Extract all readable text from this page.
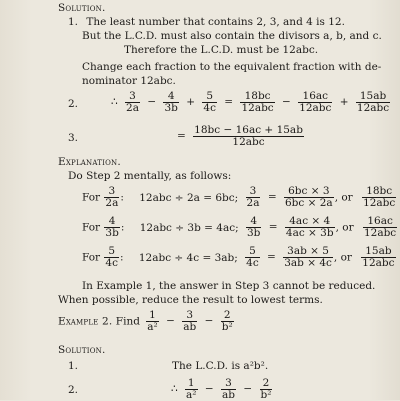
Solution.
1. The least number that contains 2, 3, and 4 is 12.
But the L.C.D. must also contain the divisors a, b, and c.
Therefore the L.C.D. must be 12abc.
Change each fraction to the equivalent fraction with de-
nominator 12abc.
2.	∴ $\frac{3}{2a} - \frac{4}{3b} + \frac{5}{4c} = \frac{18bc}{\text{12abc}} - \frac{16ac}{\text{12abc}} + \frac{15ab}{\text{12abc}}$
3.	= $\frac{18bc - 16ac + 15ab}{\text{12abc}}$
Explanation.
Do Step 2 mentally, as follows:
For $\frac{3}{2a}$ : 12abc ÷ 2a = 6bc; $\frac{3}{2a} = \frac{6bc \times 3}{6bc \times 2a}$ , or $\frac{18bc}{\text{12abc}}$
For $\frac{4}{3b}$ : 12abc ÷ 3b = 4ac; $\frac{4}{3b} = \frac{4ac \times 4}{4ac \times 3b}$ , or $\frac{16ac}{\text{12abc}}$
For $\frac{5}{4c}$ : 12abc ÷ 4c = 3ab; $\frac{5}{4c} = \frac{3ab \times 5}{3ab \times 4c}$ , or $\frac{15ab}{\text{12abc}}$
In Example 1, the answer in Step 3 cannot be reduced.
When possible, reduce the result to lowest terms.
Example 2. Find $\frac{1}{\text{a²}} - \frac{3}{ab} - \frac{2}{\text{b²}}$
Solution.
1.	The L.C.D. is a²b².
2.	∴ $\frac{1}{\text{a²}} - \frac{3}{ab} - \frac{2}{\text{b²}}$
